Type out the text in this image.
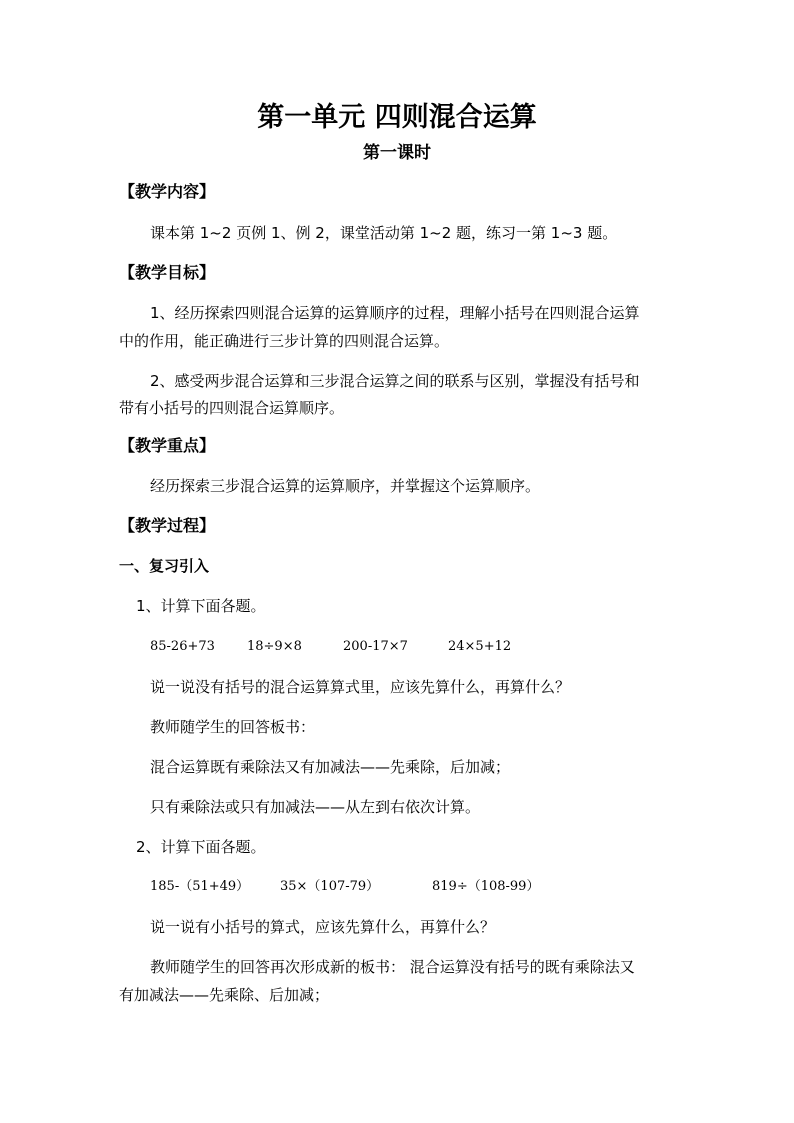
第一单元 四则混合运算
第一课时
【教学内容】
课本第 1~2 页例 1、例 2，课堂活动第 1~2 题，练习一第 1~3 题。
【教学目标】
1、经历探索四则混合运算的运算顺序的过程，理解小括号在四则混合运算
中的作用，能正确进行三步计算的四则混合运算。
2、感受两步混合运算和三步混合运算之间的联系与区别，掌握没有括号和
带有小括号的四则混合运算顺序。
【教学重点】
经历探索三步混合运算的运算顺序，并掌握这个运算顺序。
【教学过程】
一、复习引入
1、计算下面各题。
85-26+73 18÷9×8	200-17×7	24×5+12
说一说没有括号的混合运算算式里，应该先算什么，再算什么？
教师随学生的回答板书：
混合运算既有乘除法又有加减法——先乘除，后加减；
只有乘除法或只有加减法——从左到右依次计算。
2、计算下面各题。
185-（51+49） 35×（107-79）	819÷（108-99）
说一说有小括号的算式，应该先算什么，再算什么？
教师随学生的回答再次形成新的板书： 混合运算没有括号的既有乘除法又
有加减法——先乘除、后加减；
